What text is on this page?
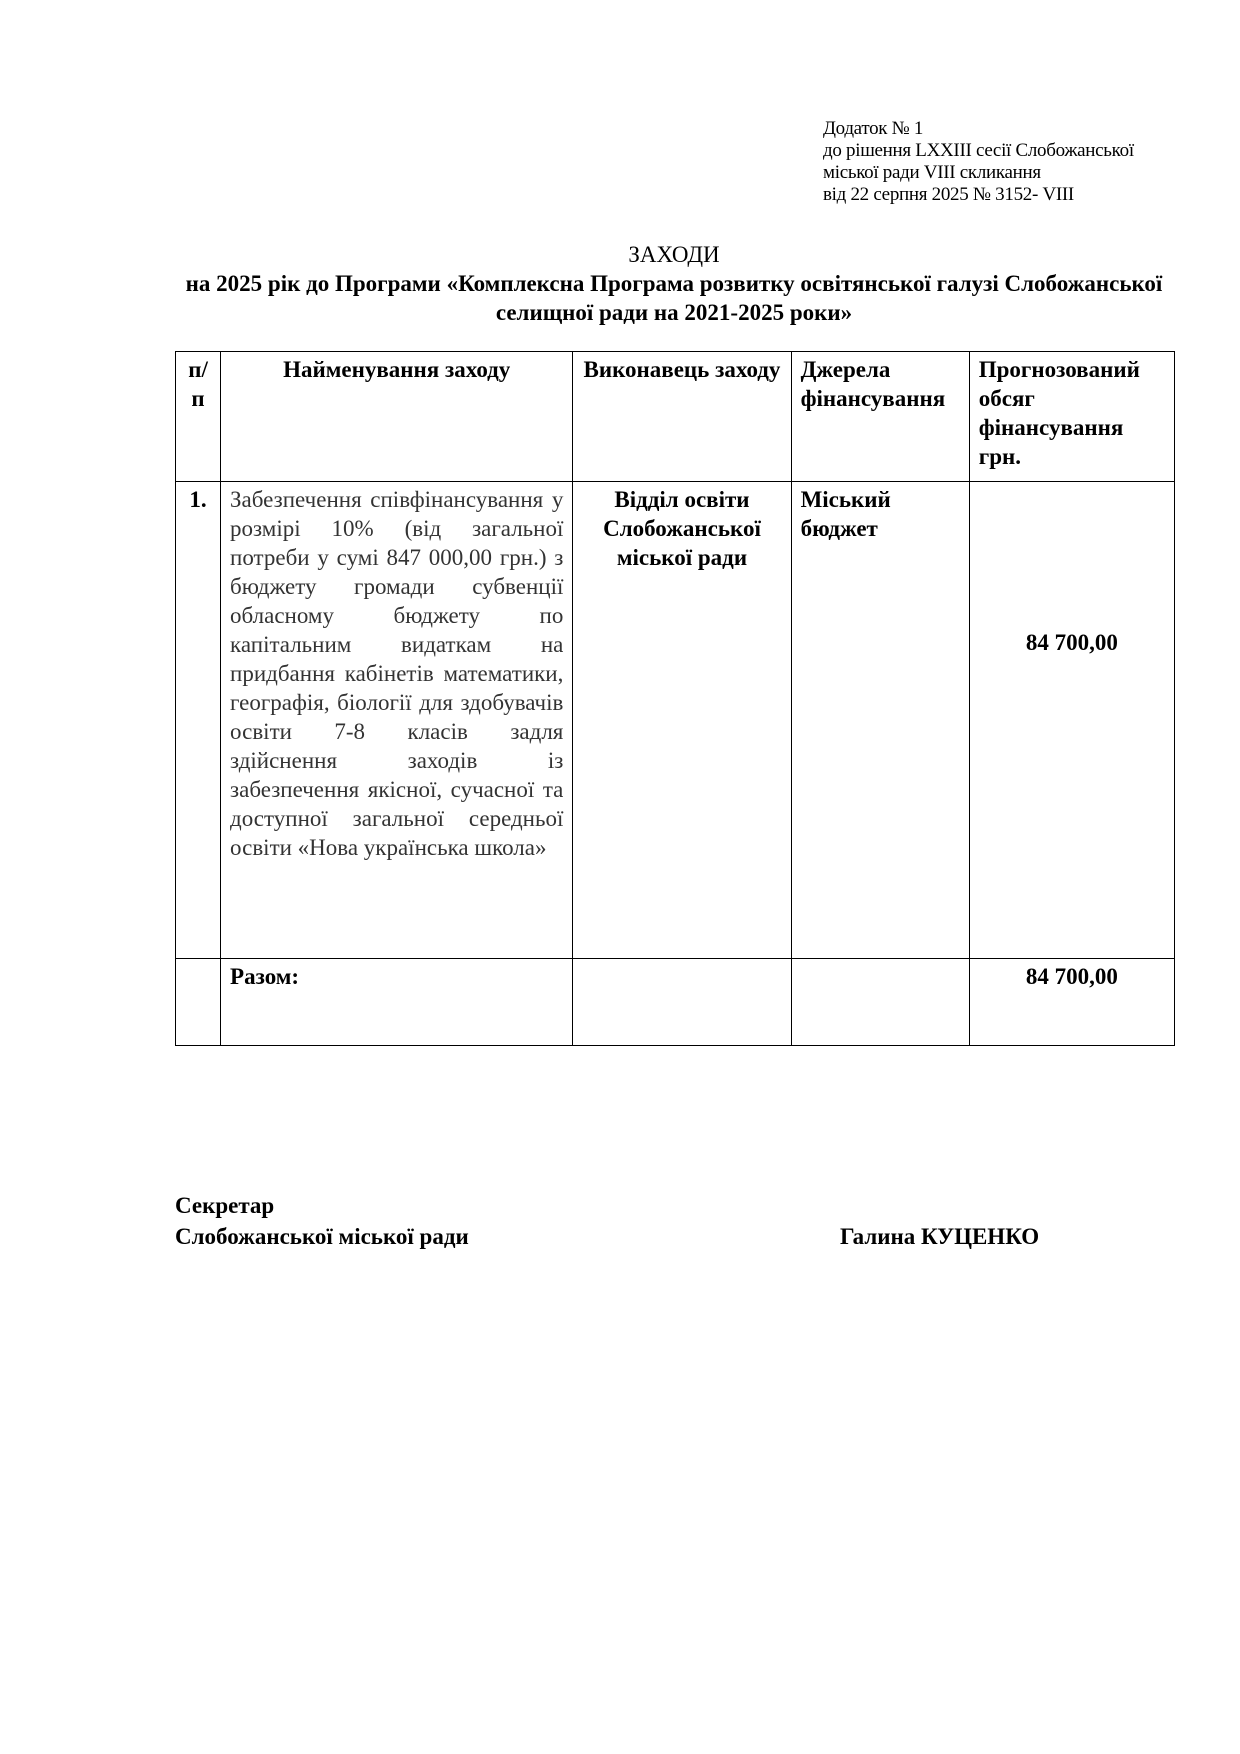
Додаток № 1
до рішення LXXIII сесії Слобожанської
міської ради VIII скликання
від 22 серпня 2025 № 3152- VIII
ЗАХОДИ
на 2025 рік до Програми «Комплексна Програма розвитку освітянської галузі Слобожанської
селищної ради на 2021-2025 роки»
п/п	Найменування заходу	Виконавець заходу	Джерела фінансування	Прогнозований обсяг фінансування грн.
1.	Забезпечення співфінансування у розмірі 10% (від загальної потреби у сумі 847 000,00 грн.) з бюджету громади субвенції обласному бюджету по капітальним видаткам на придбання кабінетів математики, географія, біології для здобувачів освіти 7-8 класів задля здійснення заходів із забезпечення якісної, сучасної та доступної загальної середньої освіти «Нова українська школа»	Відділ освіти Слобожанської міської ради	Міський бюджет	84 700,00

	Разом:			84 700,00
Секретар
Слобожанської міської ради	Галина КУЦЕНКО
